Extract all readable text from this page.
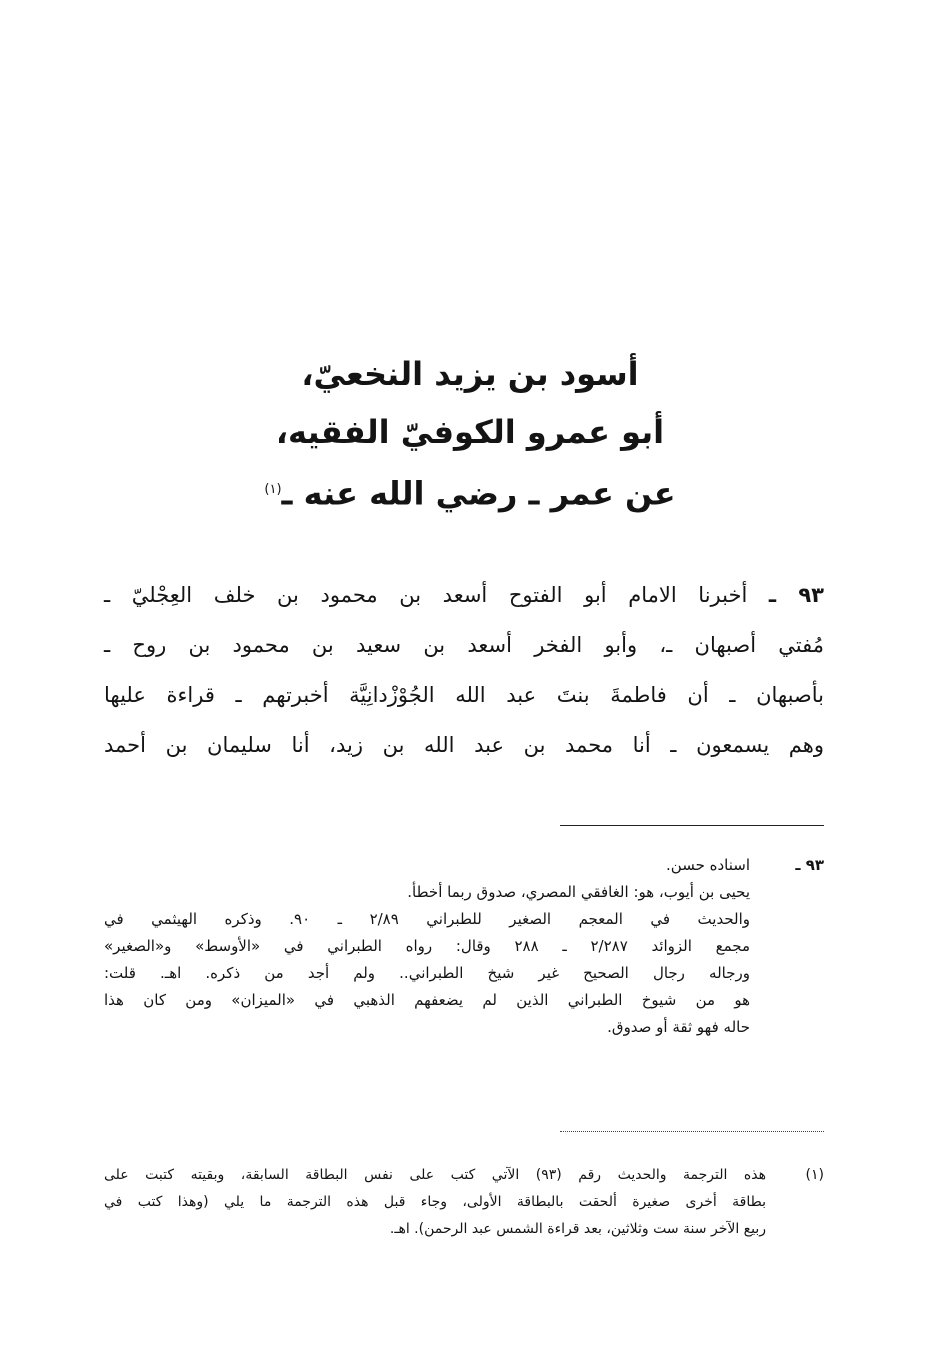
أسود بن يزيد النخعيّ،
أبو عمرو الكوفيّ الفقيه،
عن عمر ـ رضي الله عنه ـ$^{(١)}$
٩٣ ـ أخبرنا الامام أبو الفتوح أسعد بن محمود بن خلف العِجْليّ ـ
مُفتي أصبهان ـ، وأبو الفخر أسعد بن سعيد بن محمود بن روح ـ
بأصبهان ـ أن فاطمةَ بنتَ عبد الله الجُوْزْدانِيَّة أخبرتهم ـ قراءة عليها
وهم يسمعون ـ أنا محمد بن عبد الله بن زيد، أنا سليمان بن أحمد
٩٣ ـ
اسناده حسن.
يحيى بن أيوب، هو: الغافقي المصري، صدوق ربما أخطأ.
والحديث في المعجم الصغير للطبراني ٢/٨٩ ـ ٩٠. وذكره الهيثمي في
مجمع الزوائد ٢/٢٨٧ ـ ٢٨٨ وقال: رواه الطبراني في «الأوسط» و«الصغير»
ورجاله رجال الصحيح غير شيخ الطبراني.. ولم أجد من ذكره. اهـ. قلت:
هو من شيوخ الطبراني الذين لم يضعفهم الذهبي في «الميزان» ومن كان هذا
حاله فهو ثقة أو صدوق.
(١)
هذه الترجمة والحديث رقم (٩٣) الآتي كتب على نفس البطاقة السابقة، وبقيته كتبت على
بطاقة أخرى صغيرة ألحقت بالبطاقة الأولى، وجاء قبل هذه الترجمة ما يلي (وهذا كتب في
ربيع الآخر سنة ست وثلاثين، بعد قراءة الشمس عبد الرحمن). اهـ.
